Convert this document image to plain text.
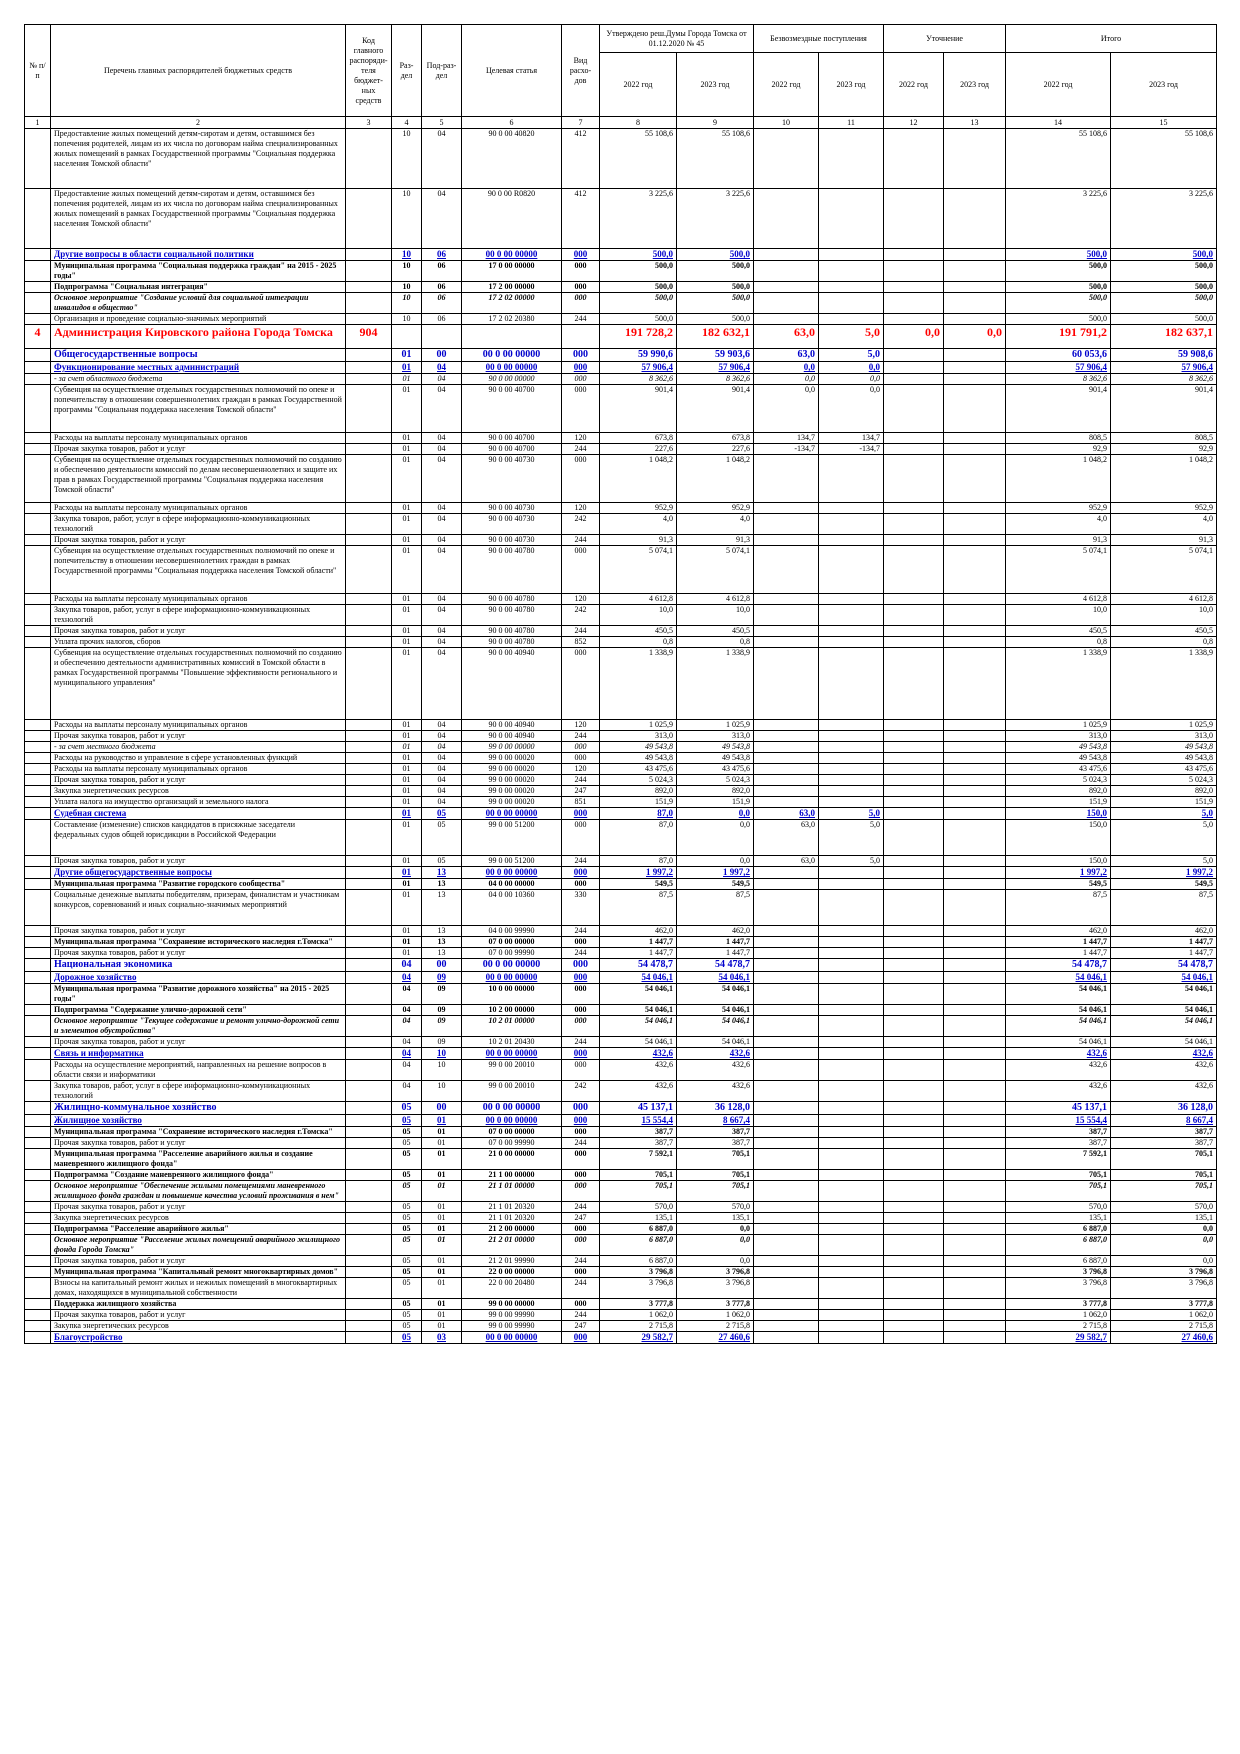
№ п/п	Перечень главных распорядителей бюджетных средств	Код главного распоряди-теля бюджет-ных средств	Раз-дел	Под-раз-дел	Целевая статья	Вид расхо-дов	Утверждено реш.Думы Города Томска от 01.12.2020 № 45		Безвозмездные поступления		Уточнение		Итого	
							2022 год	2023 год	2022 год	2023 год	2022 год	2023 год	2022 год	2023 год
1	2	3	4	5	6	7	8	9	10	11	12	13	14	15
	Предоставление жилых помещений детям-сиротам и детям, оставшимся без попечения родителей, лицам из их числа по договорам найма специализированных жилых помещений в рамках Государственной программы "Социальная поддержка населения Томской области"		10	04	90 0 00 40820	412	55 108,6	55 108,6					55 108,6	55 108,6
	Предоставление жилых помещений детям-сиротам и детям, оставшимся без попечения родителей, лицам из их числа по договорам найма специализированных жилых помещений в рамках Государственной программы "Социальная поддержка населения Томской области"		10	04	90 0 00 R0820	412	3 225,6	3 225,6					3 225,6	3 225,6
	Другие вопросы в области социальной политики		10	06	00 0 00 00000	000	500,0	500,0					500,0	500,0
	Муниципальная программа "Социальная поддержка граждан" на 2015 - 2025 годы"		10	06	17 0 00 00000	000	500,0	500,0					500,0	500,0
	Подпрограмма "Социальная интеграция"		10	06	17 2 00 00000	000	500,0	500,0					500,0	500,0
	Основное мероприятие "Создание условий для социальной интеграции инвалидов в общество"		10	06	17 2 02 00000	000	500,0	500,0					500,0	500,0
	Организация и проведение социально-значимых мероприятий		10	06	17 2 02 20380	244	500,0	500,0					500,0	500,0
4	Администрация Кировского района Города Томска	904					191 728,2	182 632,1	63,0	5,0	0,0	0,0	191 791,2	182 637,1
	Общегосударственные вопросы		01	00	00 0 00 00000	000	59 990,6	59 903,6	63,0	5,0			60 053,6	59 908,6
	Функционирование местных администраций		01	04	00 0 00 00000	000	57 906,4	57 906,4	0,0	0,0			57 906,4	57 906,4
	- за счет областного бюджета		01	04	90 0 00 00000	000	8 362,6	8 362,6	0,0	0,0			8 362,6	8 362,6
	Субвенция на осуществление отдельных государственных полномочий по опеке и попечительству в отношении совершеннолетних граждан в рамках Государственной программы "Социальная поддержка населения Томской области"		01	04	90 0 00 40700	000	901,4	901,4	0,0	0,0			901,4	901,4
	Расходы на выплаты персоналу муниципальных органов		01	04	90 0 00 40700	120	673,8	673,8	134,7	134,7			808,5	808,5
	Прочая закупка товаров, работ и услуг		01	04	90 0 00 40700	244	227,6	227,6	-134,7	-134,7			92,9	92,9
	Субвенция на осуществление отдельных государственных полномочий по созданию и обеспечению деятельности комиссий по делам несовершеннолетних и защите их прав в рамках Государственной программы "Социальная поддержка населения Томской области"		01	04	90 0 00 40730	000	1 048,2	1 048,2					1 048,2	1 048,2
	Расходы на выплаты персоналу муниципальных органов		01	04	90 0 00 40730	120	952,9	952,9					952,9	952,9
	Закупка товаров, работ, услуг в сфере информационно-коммуникационных технологий		01	04	90 0 00 40730	242	4,0	4,0					4,0	4,0
	Прочая закупка товаров, работ и услуг		01	04	90 0 00 40730	244	91,3	91,3					91,3	91,3
	Субвенция на осуществление отдельных государственных полномочий по опеке и попечительству в отношении несовершеннолетних граждан в рамках Государственной программы "Социальная поддержка населения Томской области"		01	04	90 0 00 40780	000	5 074,1	5 074,1					5 074,1	5 074,1
	Расходы на выплаты персоналу муниципальных органов		01	04	90 0 00 40780	120	4 612,8	4 612,8					4 612,8	4 612,8
	Закупка товаров, работ, услуг в сфере информационно-коммуникационных технологий		01	04	90 0 00 40780	242	10,0	10,0					10,0	10,0
	Прочая закупка товаров, работ и услуг		01	04	90 0 00 40780	244	450,5	450,5					450,5	450,5
	Уплата прочих налогов, сборов		01	04	90 0 00 40780	852	0,8	0,8					0,8	0,8
	Субвенция на осуществление отдельных государственных полномочий по созданию и обеспечению деятельности административных комиссий в Томской области в рамках Государственной программы "Повышение эффективности регионального и муниципального управления"		01	04	90 0 00 40940	000	1 338,9	1 338,9					1 338,9	1 338,9
	Расходы на выплаты персоналу муниципальных органов		01	04	90 0 00 40940	120	1 025,9	1 025,9					1 025,9	1 025,9
	Прочая закупка товаров, работ и услуг		01	04	90 0 00 40940	244	313,0	313,0					313,0	313,0
	- за счет местного бюджета		01	04	99 0 00 00000	000	49 543,8	49 543,8					49 543,8	49 543,8
	Расходы на руководство и управление в сфере установленных функций		01	04	99 0 00 00020	000	49 543,8	49 543,8					49 543,8	49 543,8
	Расходы на выплаты персоналу муниципальных органов		01	04	99 0 00 00020	120	43 475,6	43 475,6					43 475,6	43 475,6
	Прочая закупка товаров, работ и услуг		01	04	99 0 00 00020	244	5 024,3	5 024,3					5 024,3	5 024,3
	Закупка энергетических ресурсов		01	04	99 0 00 00020	247	892,0	892,0					892,0	892,0
	Уплата налога на имущество организаций и земельного налога		01	04	99 0 00 00020	851	151,9	151,9					151,9	151,9
	Судебная система		01	05	00 0 00 00000	000	87,0	0,0	63,0	5,0			150,0	5,0
	Составление (изменение) списков кандидатов в присяжные заседатели федеральных судов общей юрисдикции в Российской Федерации		01	05	99 0 00 51200	000	87,0	0,0	63,0	5,0			150,0	5,0
	Прочая закупка товаров, работ и услуг		01	05	99 0 00 51200	244	87,0	0,0	63,0	5,0			150,0	5,0
	Другие общегосударственные вопросы		01	13	00 0 00 00000	000	1 997,2	1 997,2					1 997,2	1 997,2
	Муниципальная программа "Развитие городского сообщества"		01	13	04 0 00 00000	000	549,5	549,5					549,5	549,5
	Социальные денежные выплаты победителям, призерам, финалистам и участникам конкурсов, соревнований и иных социально-значимых мероприятий		01	13	04 0 00 10360	330	87,5	87,5					87,5	87,5
	Прочая закупка товаров, работ и услуг		01	13	04 0 00 99990	244	462,0	462,0					462,0	462,0
	Муниципальная программа "Сохранение исторического наследия г.Томска"		01	13	07 0 00 00000	000	1 447,7	1 447,7					1 447,7	1 447,7
	Прочая закупка товаров, работ и услуг		01	13	07 0 00 99990	244	1 447,7	1 447,7					1 447,7	1 447,7
	Национальная экономика		04	00	00 0 00 00000	000	54 478,7	54 478,7					54 478,7	54 478,7
	Дорожное хозяйство		04	09	00 0 00 00000	000	54 046,1	54 046,1					54 046,1	54 046,1
	Муниципальная программа "Развитие дорожного хозяйства" на 2015 - 2025 годы"		04	09	10 0 00 00000	000	54 046,1	54 046,1					54 046,1	54 046,1
	Подпрограмма "Содержание улично-дорожной сети"		04	09	10 2 00 00000	000	54 046,1	54 046,1					54 046,1	54 046,1
	Основное мероприятие "Текущее содержание и ремонт улично-дорожной сети и элементов обустройства"		04	09	10 2 01 00000	000	54 046,1	54 046,1					54 046,1	54 046,1
	Прочая закупка товаров, работ и услуг		04	09	10 2 01 20430	244	54 046,1	54 046,1					54 046,1	54 046,1
	Связь и информатика		04	10	00 0 00 00000	000	432,6	432,6					432,6	432,6
	Расходы на осуществление мероприятий, направленных на решение вопросов в области связи и информатики		04	10	99 0 00 20010	000	432,6	432,6					432,6	432,6
	Закупка товаров, работ, услуг в сфере информационно-коммуникационных технологий		04	10	99 0 00 20010	242	432,6	432,6					432,6	432,6
	Жилищно-коммунальное хозяйство		05	00	00 0 00 00000	000	45 137,1	36 128,0					45 137,1	36 128,0
	Жилищное хозяйство		05	01	00 0 00 00000	000	15 554,4	8 667,4					15 554,4	8 667,4
	Муниципальная программа "Сохранение исторического наследия г.Томска"		05	01	07 0 00 00000	000	387,7	387,7					387,7	387,7
	Прочая закупка товаров, работ и услуг		05	01	07 0 00 99990	244	387,7	387,7					387,7	387,7
	Муниципальная программа "Расселение аварийного жилья и создание маневренного жилищного фонда"		05	01	21 0 00 00000	000	7 592,1	705,1					7 592,1	705,1
	Подпрограмма "Создание маневренного жилищного фонда"		05	01	21 1 00 00000	000	705,1	705,1					705,1	705,1
	Основное мероприятие "Обеспечение жилыми помещениями маневренного жилищного фонда граждан и повышение качества условий проживания в нем"		05	01	21 1 01 00000	000	705,1	705,1					705,1	705,1
	Прочая закупка товаров, работ и услуг		05	01	21 1 01 20320	244	570,0	570,0					570,0	570,0
	Закупка энергетических ресурсов		05	01	21 1 01 20320	247	135,1	135,1					135,1	135,1
	Подпрограмма "Расселение аварийного жилья"		05	01	21 2 00 00000	000	6 887,0	0,0					6 887,0	0,0
	Основное мероприятие "Расселение жилых помещений аварийного жилищного фонда Города Томска"		05	01	21 2 01 00000	000	6 887,0	0,0					6 887,0	0,0
	Прочая закупка товаров, работ и услуг		05	01	21 2 01 99990	244	6 887,0	0,0					6 887,0	0,0
	Муниципальная программа "Капитальный ремонт многоквартирных домов"		05	01	22 0 00 00000	000	3 796,8	3 796,8					3 796,8	3 796,8
	Взносы на капитальный ремонт жилых и нежилых помещений в многоквартирных домах, находящихся в муниципальной собственности		05	01	22 0 00 20480	244	3 796,8	3 796,8					3 796,8	3 796,8
	Поддержка жилищного хозяйства		05	01	99 0 00 00000	000	3 777,8	3 777,8					3 777,8	3 777,8
	Прочая закупка товаров, работ и услуг		05	01	99 0 00 99990	244	1 062,0	1 062,0					1 062,0	1 062,0
	Закупка энергетических ресурсов		05	01	99 0 00 99990	247	2 715,8	2 715,8					2 715,8	2 715,8
	Благоустройство		05	03	00 0 00 00000	000	29 582,7	27 460,6					29 582,7	27 460,6
